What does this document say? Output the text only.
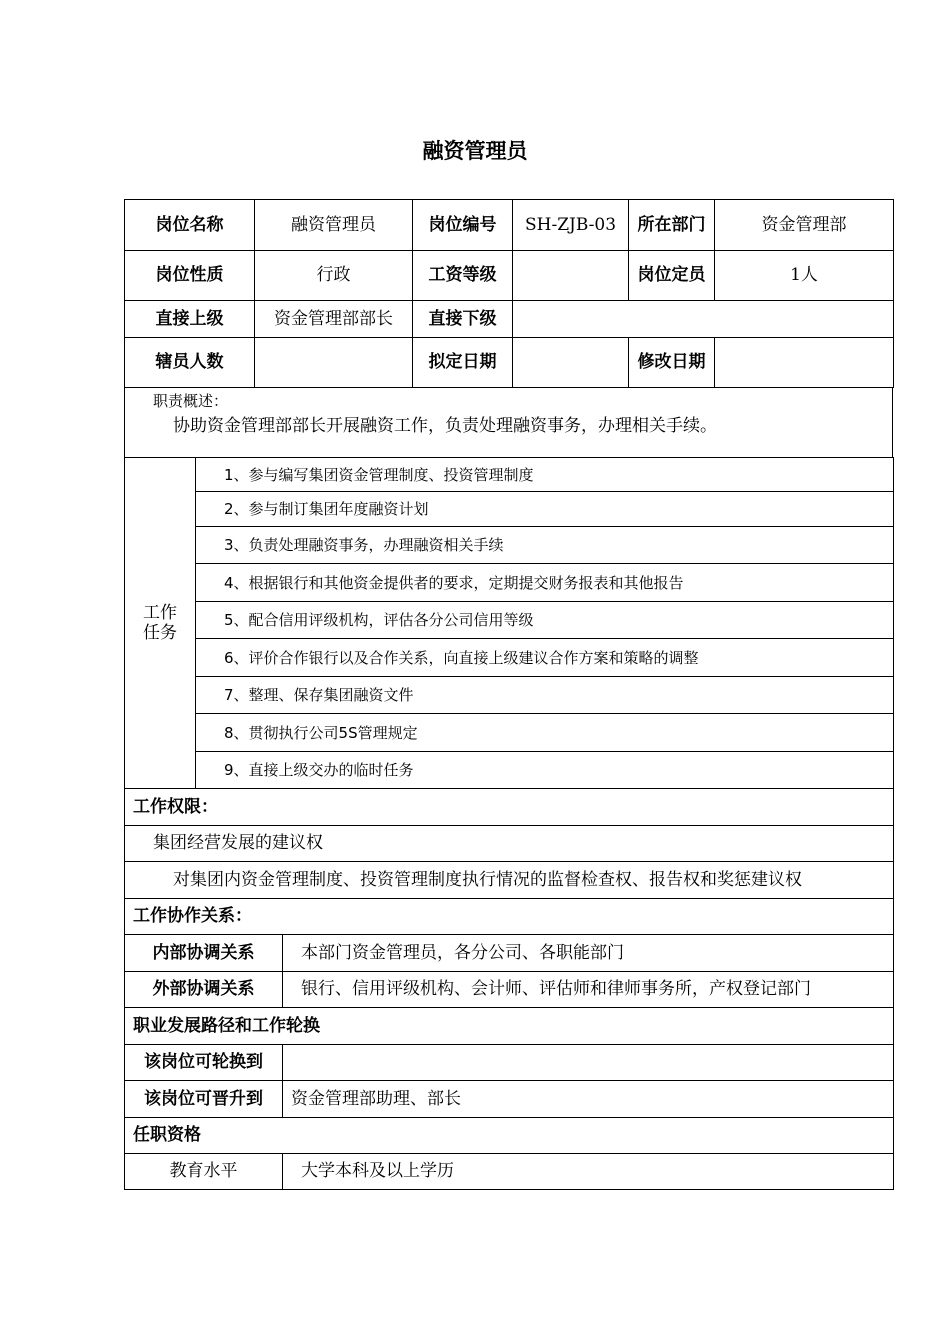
融资管理员
岗位名称	融资管理员	岗位编号	SH-ZJB-03	所在部门	资金管理部
岗位性质	行政	工资等级		岗位定员	1人
直接上级	资金管理部部长	直接下级			
辖员人数		拟定日期		修改日期	
职责概述：
协助资金管理部部长开展融资工作，负责处理融资事务，办理相关手续。
工作
任务
	1、参与编写集团资金管理制度、投资管理制度
2、参与制订集团年度融资计划
3、负责处理融资事务，办理融资相关手续
4、根据银行和其他资金提供者的要求，定期提交财务报表和其他报告
5、配合信用评级机构，评估各分公司信用等级
6、评价合作银行以及合作关系，向直接上级建议合作方案和策略的调整
7、整理、保存集团融资文件
8、贯彻执行公司5S管理规定
9、直接上级交办的临时任务
工作权限：	
集团经营发展的建议权	
对集团内资金管理制度、投资管理制度执行情况的监督检查权、报告权和奖惩建议权	
工作协作关系：	
内部协调关系	本部门资金管理员，各分公司、各职能部门
外部协调关系	银行、信用评级机构、会计师、评估师和律师事务所，产权登记部门
职业发展路径和工作轮换	
该岗位可轮换到	
该岗位可晋升到	资金管理部助理、部长
任职资格	
教育水平	大学本科及以上学历
